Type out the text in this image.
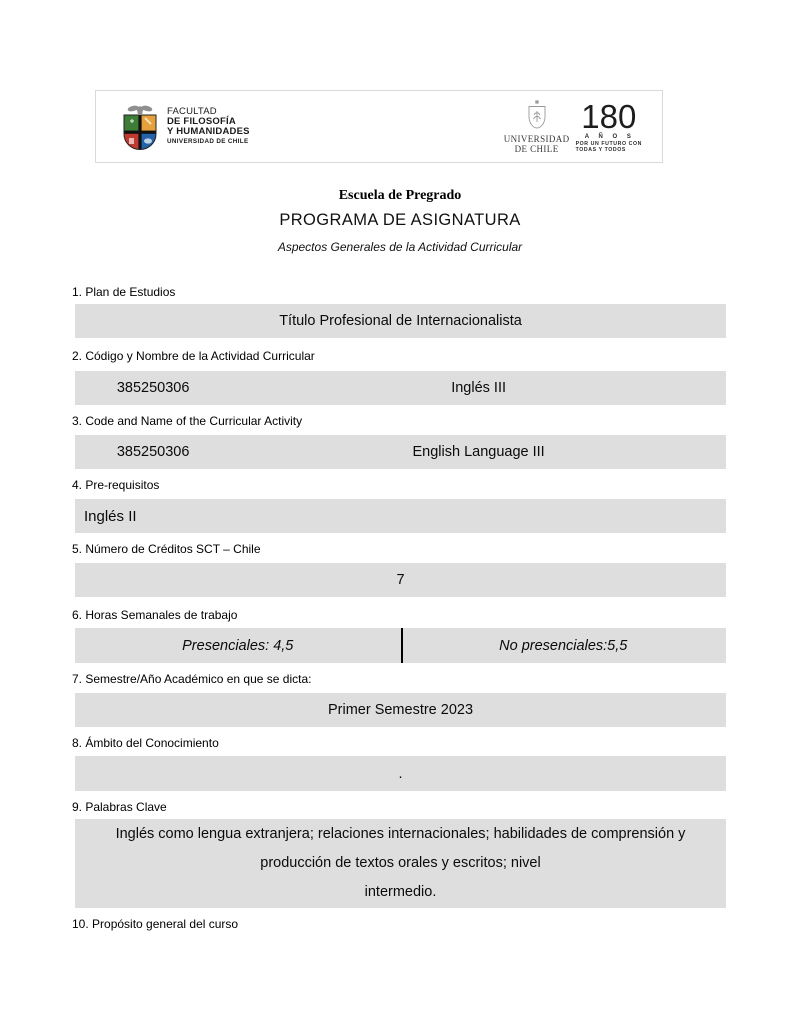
FACULTAD
DE FILOSOFÍA
Y HUMANIDADES
UNIVERSIDAD DE CHILE	UNIVERSIDAD
DE CHILE
180
A Ñ O S
POR UN FUTURO CON
TODAS Y TODOS
Escuela de Pregrado
PROGRAMA DE ASIGNATURA
Aspectos Generales de la Actividad Curricular
1. Plan de Estudios
Título Profesional de Internacionalista
2. Código y Nombre de la Actividad Curricular
385250306	Inglés III
3. Code and Name of the Curricular Activity
385250306	English Language III
4. Pre-requisitos
Inglés II
5. Número de Créditos SCT – Chile
7
6. Horas Semanales de trabajo
Presenciales: 4,5	No presenciales:5,5
7. Semestre/Año Académico en que se dicta:
Primer Semestre 2023
8. Ámbito del Conocimiento
.
9. Palabras Clave
Inglés como lengua extranjera; relaciones internacionales; habilidades de comprensión y
producción de textos orales y escritos; nivel
intermedio.
10. Propósito general del curso
